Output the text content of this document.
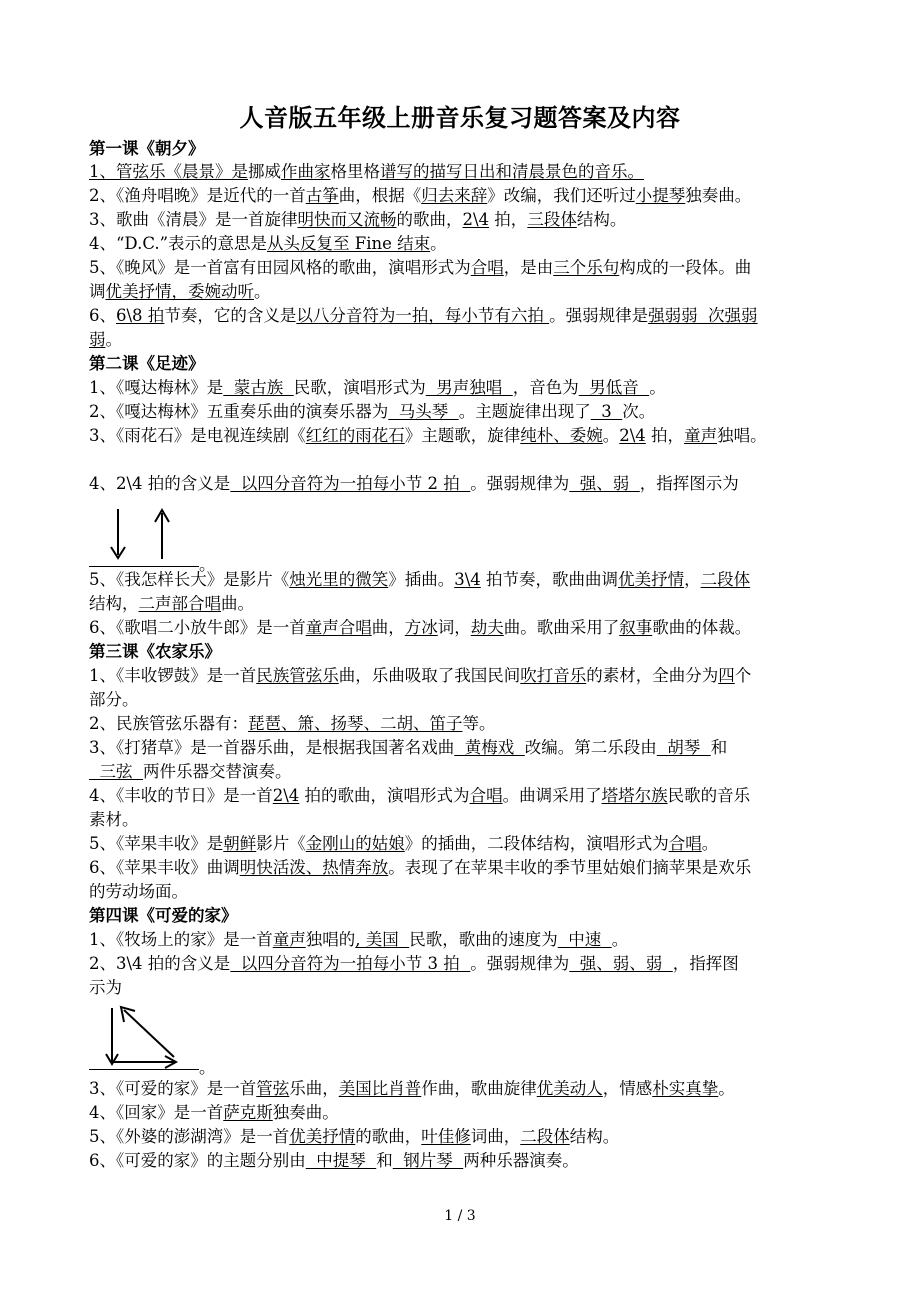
人音版五年级上册音乐复习题答案及内容
第一课《朝夕》
1、管弦乐《晨景》是挪威作曲家格里格谱写的描写日出和清晨景色的音乐。
2、《渔舟唱晚》是近代的一首古筝曲，根据《归去来辞》改编，我们还听过小提琴独奏曲。
3、歌曲《清晨》是一首旋律明快而又流畅的歌曲，2\4 拍，三段体结构。
4、“D.C.”表示的意思是从头反复至 Fine 结束。
5、《晚风》是一首富有田园风格的歌曲，演唱形式为合唱，是由三个乐句构成的一段体。曲
调优美抒情，委婉动听。
6、6\8 拍节奏，它的含义是以八分音符为一拍，每小节有六拍 。强弱规律是强弱弱  次强弱
弱。
第二课《足迹》
1、《嘎达梅林》是  蒙古族  民歌，演唱形式为  男声独唱  ，音色为  男低音  。
2、《嘎达梅林》五重奏乐曲的演奏乐器为  马头琴  。主题旋律出现了  3  次。
3、《雨花石》是电视连续剧《红红的雨花石》主题歌，旋律纯朴、委婉。2\4 拍，童声独唱。
4、2\4 拍的含义是  以四分音符为一拍每小节 2 拍  。强弱规律为  强、弱  ，指挥图示为
5、《我怎样长大》是影片《烛光里的微笑》插曲。3\4 拍节奏，歌曲曲调优美抒情，二段体
结构，二声部合唱曲。
6、《歌唱二小放牛郎》是一首童声合唱曲，方冰词，劫夫曲。歌曲采用了叙事歌曲的体裁。
第三课《农家乐》
1、《丰收锣鼓》是一首民族管弦乐曲，乐曲吸取了我国民间吹打音乐的素材，全曲分为四个
部分。
2、民族管弦乐器有：琵琶、箫、扬琴、二胡、笛子等。
3、《打猪草》是一首器乐曲，是根据我国著名戏曲  黄梅戏  改编。第二乐段由  胡琴  和
三弦  两件乐器交替演奏。
4、《丰收的节日》是一首2\4 拍的歌曲，演唱形式为合唱。曲调采用了塔塔尔族民歌的音乐
素材。
5、《苹果丰收》是朝鲜影片《金刚山的姑娘》的插曲，二段体结构，演唱形式为合唱。
6、《苹果丰收》曲调明快活泼、热情奔放。表现了在苹果丰收的季节里姑娘们摘苹果是欢乐
的劳动场面。
第四课《可爱的家》
1、《牧场上的家》是一首童声独唱的, 美国  民歌，歌曲的速度为  中速  。
2、3\4 拍的含义是  以四分音符为一拍每小节 3 拍  。强弱规律为  强、弱、弱  ，指挥图
示为
3、《可爱的家》是一首管弦乐曲，美国比肖普作曲，歌曲旋律优美动人，情感朴实真挚。
4、《回家》是一首萨克斯独奏曲。
5、《外婆的澎湖湾》是一首优美抒情的歌曲，叶佳修词曲，二段体结构。
6、《可爱的家》的主题分别由  中提琴  和  钢片琴  两种乐器演奏。
。
。
1 / 3
